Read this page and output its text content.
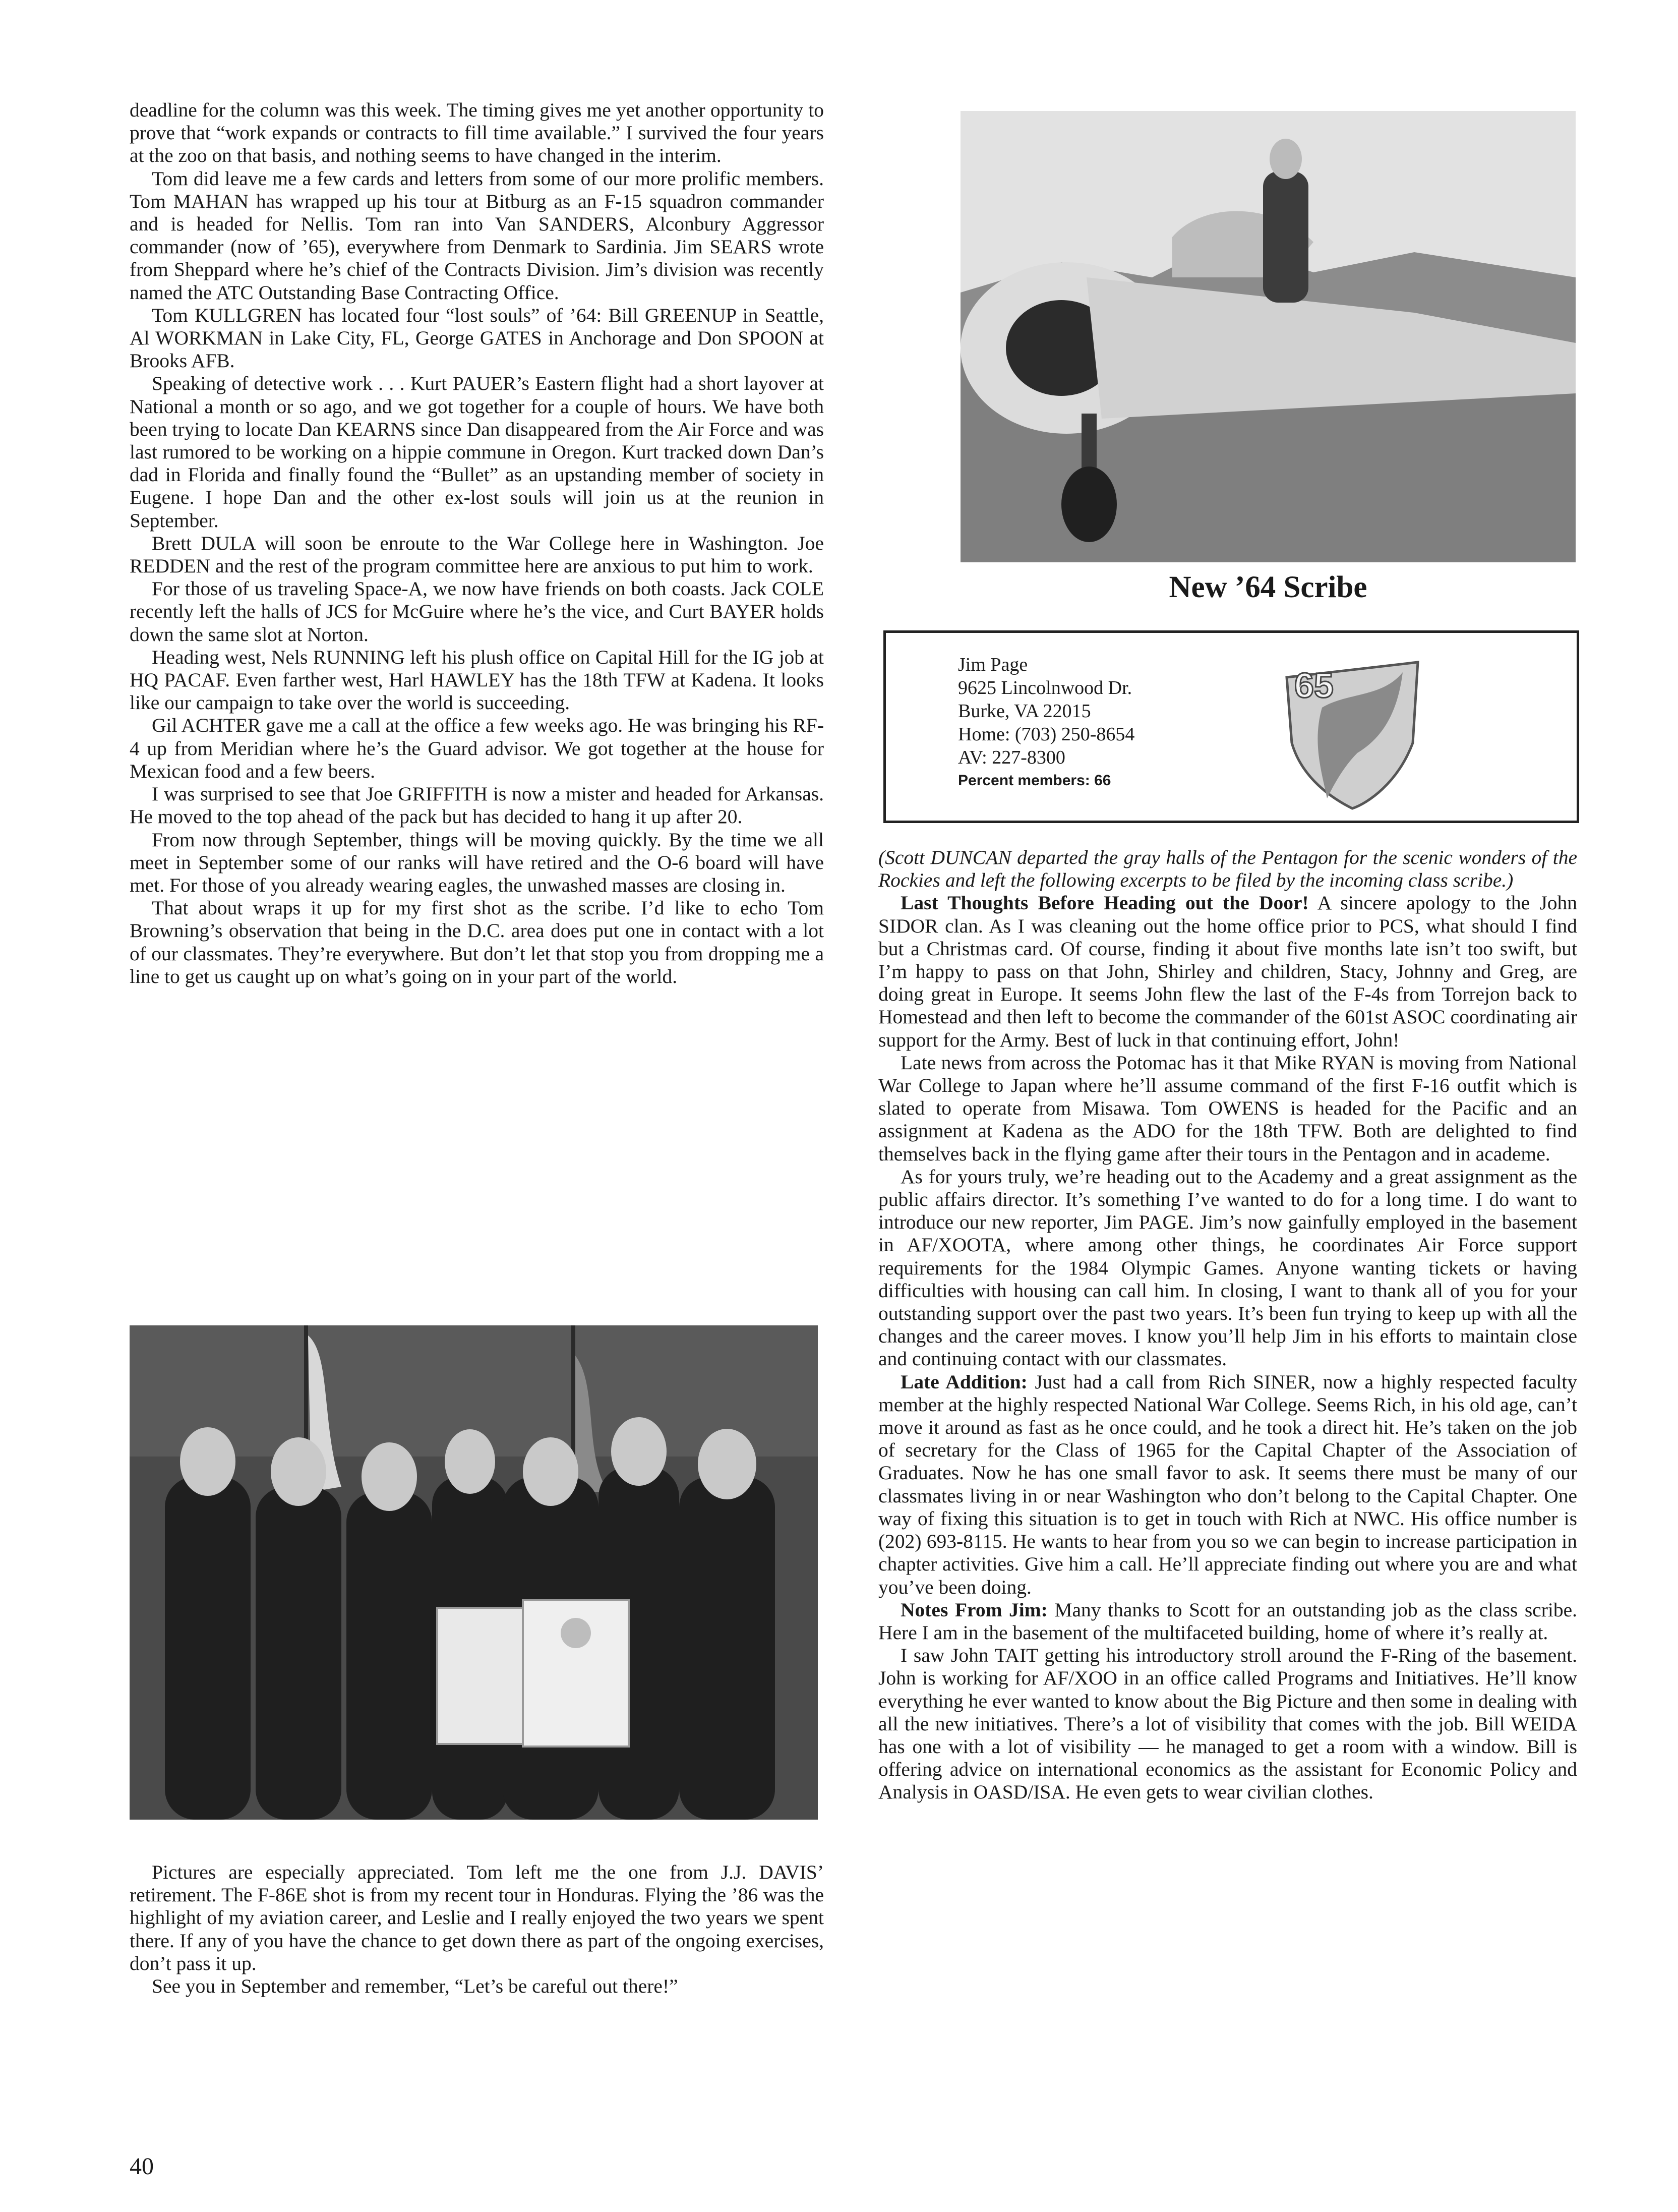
deadline for the column was this week. The timing gives me yet another opportunity to prove that “work expands or contracts to fill time available.” I survived the four years at the zoo on that basis, and nothing seems to have changed in the interim.

Tom did leave me a few cards and letters from some of our more prolific members. Tom MAHAN has wrapped up his tour at Bitburg as an F-15 squadron commander and is headed for Nellis. Tom ran into Van SANDERS, Alconbury Aggressor commander (now of ’65), everywhere from Denmark to Sardinia. Jim SEARS wrote from Sheppard where he’s chief of the Contracts Division. Jim’s division was recently named the ATC Outstanding Base Contracting Office.

Tom KULLGREN has located four “lost souls” of ’64: Bill GREENUP in Seattle, Al WORKMAN in Lake City, FL, George GATES in Anchorage and Don SPOON at Brooks AFB.

Speaking of detective work . . . Kurt PAUER’s Eastern flight had a short layover at National a month or so ago, and we got together for a couple of hours. We have both been trying to locate Dan KEARNS since Dan disappeared from the Air Force and was last rumored to be working on a hippie commune in Oregon. Kurt tracked down Dan’s dad in Florida and finally found the “Bullet” as an upstanding member of society in Eugene. I hope Dan and the other ex-lost souls will join us at the reunion in September.

Brett DULA will soon be enroute to the War College here in Washington. Joe REDDEN and the rest of the program committee here are anxious to put him to work.

For those of us traveling Space-A, we now have friends on both coasts. Jack COLE recently left the halls of JCS for McGuire where he’s the vice, and Curt BAYER holds down the same slot at Norton.

Heading west, Nels RUNNING left his plush office on Capital Hill for the IG job at HQ PACAF. Even farther west, Harl HAWLEY has the 18th TFW at Kadena. It looks like our campaign to take over the world is succeeding.

Gil ACHTER gave me a call at the office a few weeks ago. He was bringing his RF-4 up from Meridian where he’s the Guard advisor. We got together at the house for Mexican food and a few beers.

I was surprised to see that Joe GRIFFITH is now a mister and headed for Arkansas. He moved to the top ahead of the pack but has decided to hang it up after 20.

From now through September, things will be moving quickly. By the time we all meet in September some of our ranks will have retired and the O-6 board will have met. For those of you already wearing eagles, the unwashed masses are closing in.

That about wraps it up for my first shot as the scribe. I’d like to echo Tom Browning’s observation that being in the D.C. area does put one in contact with a lot of our classmates. They’re everywhere. But don’t let that stop you from dropping me a line to get us caught up on what’s going on in your part of the world.

Pictures are especially appreciated. Tom left me the one from J.J. DAVIS’ retirement. The F-86E shot is from my recent tour in Honduras. Flying the ’86 was the highlight of my aviation career, and Leslie and I really enjoyed the two years we spent there. If any of you have the chance to get down there as part of the ongoing exercises, don’t pass it up.

See you in September and remember, “Let’s be careful out there!”

New ’64 Scribe

Jim Page

9625 Lincolnwood Dr.

Burke, VA 22015

Home: (703) 250-8654

AV: 227-8300

Percent members: 66

65

(Scott DUNCAN departed the gray halls of the Pentagon for the scenic wonders of the Rockies and left the following excerpts to be filed by the incoming class scribe.)

Last Thoughts Before Heading out the Door! A sincere apology to the John SIDOR clan. As I was cleaning out the home office prior to PCS, what should I find but a Christmas card. Of course, finding it about five months late isn’t too swift, but I’m happy to pass on that John, Shirley and children, Stacy, Johnny and Greg, are doing great in Europe. It seems John flew the last of the F-4s from Torrejon back to Homestead and then left to become the commander of the 601st ASOC coordinating air support for the Army. Best of luck in that continuing effort, John!

Late news from across the Potomac has it that Mike RYAN is moving from National War College to Japan where he’ll assume command of the first F-16 outfit which is slated to operate from Misawa. Tom OWENS is headed for the Pacific and an assignment at Kadena as the ADO for the 18th TFW. Both are delighted to find themselves back in the flying game after their tours in the Pentagon and in academe.

As for yours truly, we’re heading out to the Academy and a great assignment as the public affairs director. It’s something I’ve wanted to do for a long time. I do want to introduce our new reporter, Jim PAGE. Jim’s now gainfully employed in the basement in AF/XOOTA, where among other things, he coordinates Air Force support requirements for the 1984 Olympic Games. Anyone wanting tickets or having difficulties with housing can call him. In closing, I want to thank all of you for your outstanding support over the past two years. It’s been fun trying to keep up with all the changes and the career moves. I know you’ll help Jim in his efforts to maintain close and continuing contact with our classmates.

Late Addition: Just had a call from Rich SINER, now a highly respected faculty member at the highly respected National War College. Seems Rich, in his old age, can’t move it around as fast as he once could, and he took a direct hit. He’s taken on the job of secretary for the Class of 1965 for the Capital Chapter of the Association of Graduates. Now he has one small favor to ask. It seems there must be many of our classmates living in or near Washington who don’t belong to the Capital Chapter. One way of fixing this situation is to get in touch with Rich at NWC. His office number is (202) 693-8115. He wants to hear from you so we can begin to increase participation in chapter activities. Give him a call. He’ll appreciate finding out where you are and what you’ve been doing.

Notes From Jim: Many thanks to Scott for an outstanding job as the class scribe. Here I am in the basement of the multifaceted building, home of where it’s really at.

I saw John TAIT getting his introductory stroll around the F-Ring of the basement. John is working for AF/XOO in an office called Programs and Initiatives. He’ll know everything he ever wanted to know about the Big Picture and then some in dealing with all the new initiatives. There’s a lot of visibility that comes with the job. Bill WEIDA has one with a lot of visibility — he managed to get a room with a window. Bill is offering advice on international economics as the assistant for Economic Policy and Analysis in OASD/ISA. He even gets to wear civilian clothes.

40
